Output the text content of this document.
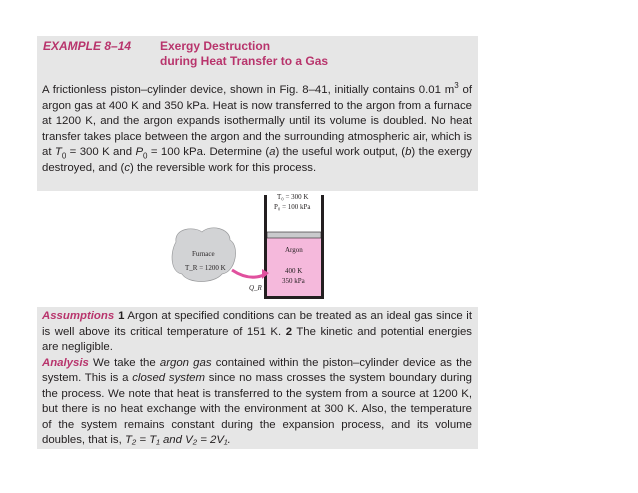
EXAMPLE 8–14 Exergy Destruction
during Heat Transfer to a Gas
A frictionless piston–cylinder device, shown in Fig. 8–41, initially contains 0.01 $m^3$ of argon gas at 400 K and 350 kPa. Heat is now transferred to the argon from a furnace at 1200 K, and the argon expands isothermally until its volume is doubled. No heat transfer takes place between the argon and the surrounding atmospheric air, which is at $T_0 = 300$ K and $P_0 = 100$ kPa. Determine (a) the useful work output, (b) the exergy destroyed, and (c) the reversible work for this process.
T₀ = 300 K
P₀ = 100 kPa
Argon
400 K
350 kPa
Furnace
T_R = 1200 K
Q_R
Assumptions 1 Argon at specified conditions can be treated as an ideal gas since it is well above its critical temperature of 151 K. 2 The kinetic and potential energies are negligible.
Analysis We take the argon gas contained within the piston–cylinder device as the system. This is a closed system since no mass crosses the system boundary during the process. We note that heat is transferred to the system from a source at 1200 K, but there is no heat exchange with the environment at 300 K. Also, the temperature of the system remains constant during the expansion process, and its volume doubles, that is, T₂ = T₁ and V₂ = 2V₁.
